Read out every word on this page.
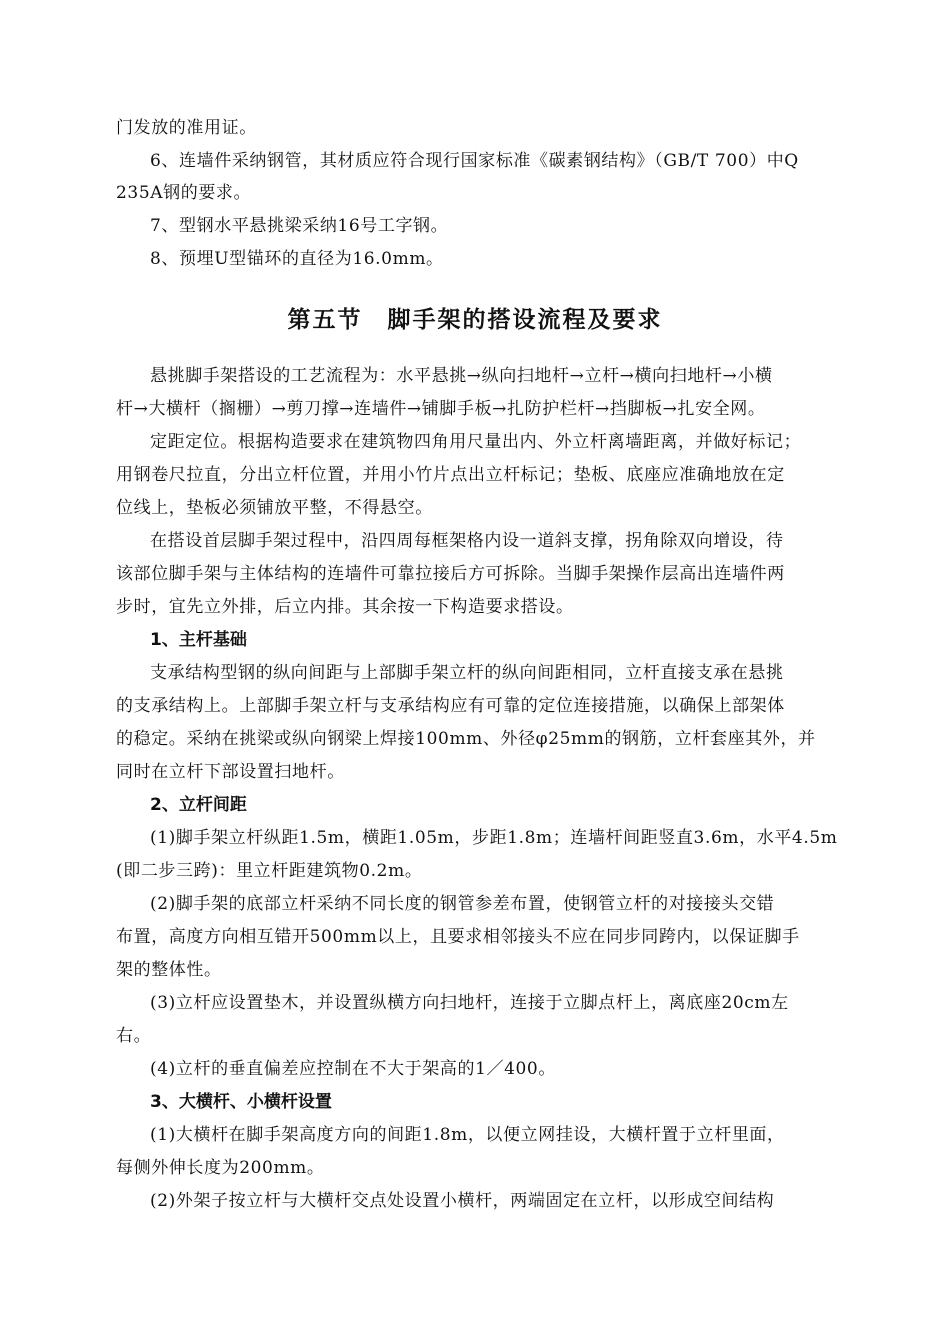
门发放的准用证。
6、连墙件采纳钢管，其材质应符合现行国家标准《碳素钢结构》（GB/T 700）中Q
235A钢的要求。
7、型钢水平悬挑梁采纳16号工字钢。
8、预埋U型锚环的直径为16.0mm。
第五节　脚手架的搭设流程及要求
悬挑脚手架搭设的工艺流程为：水平悬挑→纵向扫地杆→立杆→横向扫地杆→小横
杆→大横杆（搁栅）→剪刀撑→连墙件→铺脚手板→扎防护栏杆→挡脚板→扎安全网。
定距定位。根据构造要求在建筑物四角用尺量出内、外立杆离墙距离，并做好标记；
用钢卷尺拉直，分出立杆位置，并用小竹片点出立杆标记；垫板、底座应准确地放在定
位线上，垫板必须铺放平整，不得悬空。
在搭设首层脚手架过程中，沿四周每框架格内设一道斜支撑，拐角除双向增设，待
该部位脚手架与主体结构的连墙件可靠拉接后方可拆除。当脚手架操作层高出连墙件两
步时，宜先立外排，后立内排。其余按一下构造要求搭设。
1、主杆基础
支承结构型钢的纵向间距与上部脚手架立杆的纵向间距相同，立杆直接支承在悬挑
的支承结构上。上部脚手架立杆与支承结构应有可靠的定位连接措施，以确保上部架体
的稳定。采纳在挑梁或纵向钢梁上焊接100mm、外径φ25mm的钢筋，立杆套座其外，并
同时在立杆下部设置扫地杆。
2、立杆间距
(1)脚手架立杆纵距1.5m，横距1.05m，步距1.8m；连墙杆间距竖直3.6m，水平4.5m
(即二步三跨)：里立杆距建筑物0.2m。
(2)脚手架的底部立杆采纳不同长度的钢管参差布置，使钢管立杆的对接接头交错
布置，高度方向相互错开500mm以上，且要求相邻接头不应在同步同跨内，以保证脚手
架的整体性。
(3)立杆应设置垫木，并设置纵横方向扫地杆，连接于立脚点杆上，离底座20cm左
右。
(4)立杆的垂直偏差应控制在不大于架高的1／400。
3、大横杆、小横杆设置
(1)大横杆在脚手架高度方向的间距1.8m，以便立网挂设，大横杆置于立杆里面，
每侧外伸长度为200mm。
(2)外架子按立杆与大横杆交点处设置小横杆，两端固定在立杆，以形成空间结构
